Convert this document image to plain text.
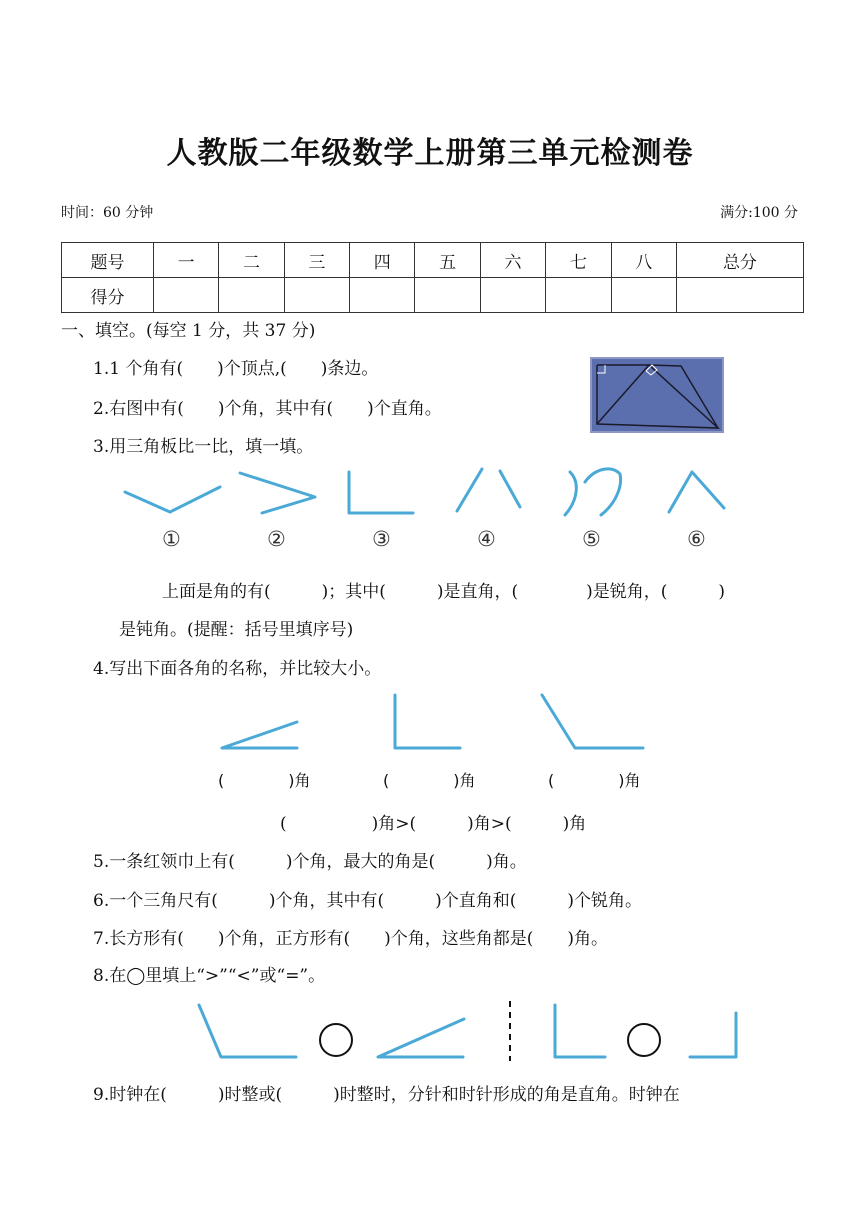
人教版二年级数学上册第三单元检测卷
时间：60 分钟	满分:100 分
题号	一	二	三	四	五	六	七	八	总分
得分									
一、填空。(每空 1 分，共 37 分)
1.1 个角有(　　)个顶点,(　　)条边。
2.右图中有(　　)个角，其中有(　　)个直角。
3.用三角板比一比，填一填。
①	②	③	④	⑤	⑥
上面是角的有(　　　)；其中(　　　)是直角，(　　　　)是锐角，(　　　)
是钝角。(提醒：括号里填序号)
4.写出下面各角的名称，并比较大小。
(　　　　)角	(　　　　)角	(　　　　)角
(　　　　　)角>(　　　)角>(　　　)角
5.一条红领巾上有(　　　)个角，最大的角是(　　　)角。
6.一个三角尺有(　　　)个角，其中有(　　　)个直角和(　　　)个锐角。
7.长方形有(　　)个角，正方形有(　　)个角，这些角都是(　　)角。
8.在◯里填上“>”“<”或“=”。
9.时钟在(　　　)时整或(　　　)时整时，分针和时针形成的角是直角。时钟在
